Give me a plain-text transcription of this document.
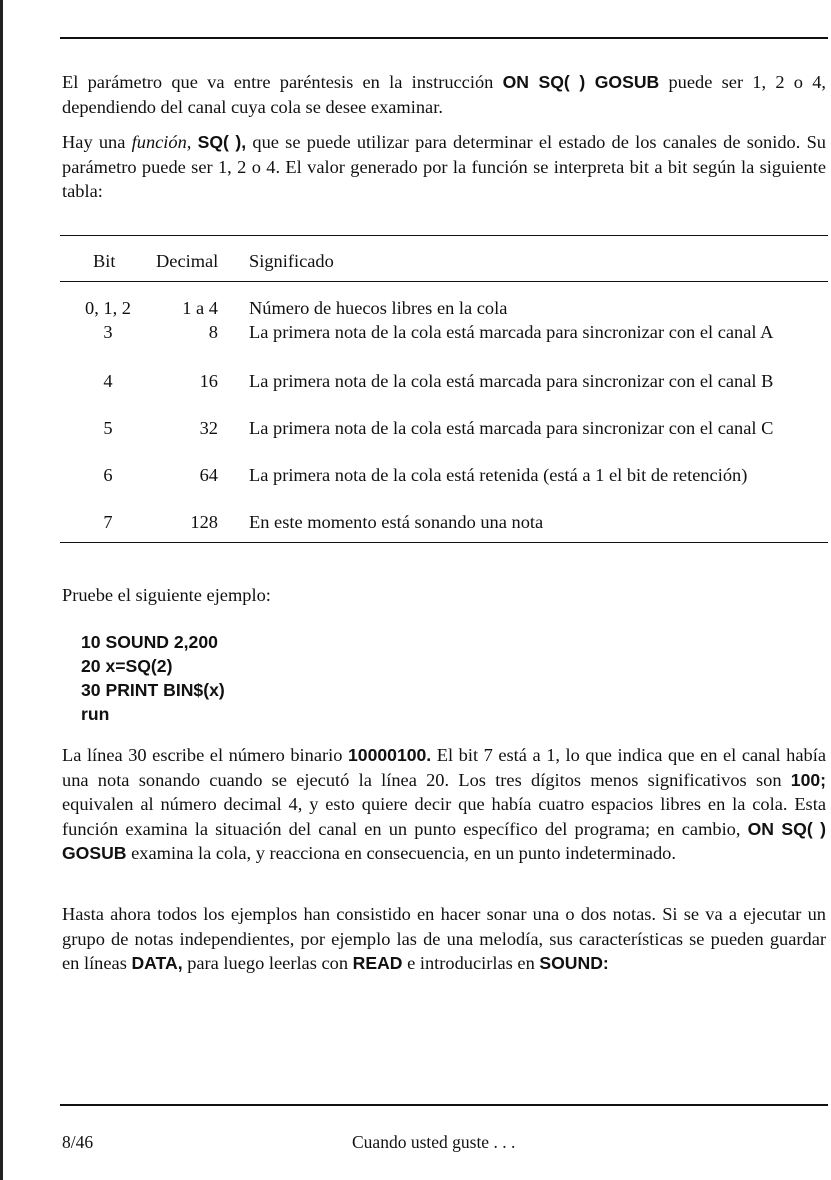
El parámetro que va entre paréntesis en la instrucción ON SQ( ) GOSUB puede ser 1, 2 o 4, dependiendo del canal cuya cola se desee examinar.

Hay una función, SQ( ), que se puede utilizar para determinar el estado de los canales de sonido. Su parámetro puede ser 1, 2 o 4. El valor generado por la función se interpreta bit a bit según la siguiente tabla:

Bit Decimal Significado
0, 1, 2	1 a 4 Número de huecos libres en la cola
3	8 La primera nota de la cola está marcada para sincronizar con el canal A
4	16 La primera nota de la cola está marcada para sincronizar con el canal B
5	32 La primera nota de la cola está marcada para sincronizar con el canal C
6	64 La primera nota de la cola está retenida (está a 1 el bit de retención)
7	128 En este momento está sonando una nota

Pruebe el siguiente ejemplo:

10 SOUND 2,200
20 x=SQ(2)
30 PRINT BIN$(x)
run

La línea 30 escribe el número binario 10000100. El bit 7 está a 1, lo que indica que en el canal había una nota sonando cuando se ejecutó la línea 20. Los tres dígitos menos significativos son 100; equivalen al número decimal 4, y esto quiere decir que había cuatro espacios libres en la cola. Esta función examina la situación del canal en un punto específico del programa; en cambio, ON SQ( ) GOSUB examina la cola, y reacciona en consecuencia, en un punto indeterminado.

Hasta ahora todos los ejemplos han consistido en hacer sonar una o dos notas. Si se va a ejecutar un grupo de notas independientes, por ejemplo las de una melodía, sus características se pueden guardar en líneas DATA, para luego leerlas con READ e introducirlas en SOUND:

8/46	Cuando usted guste . . .
